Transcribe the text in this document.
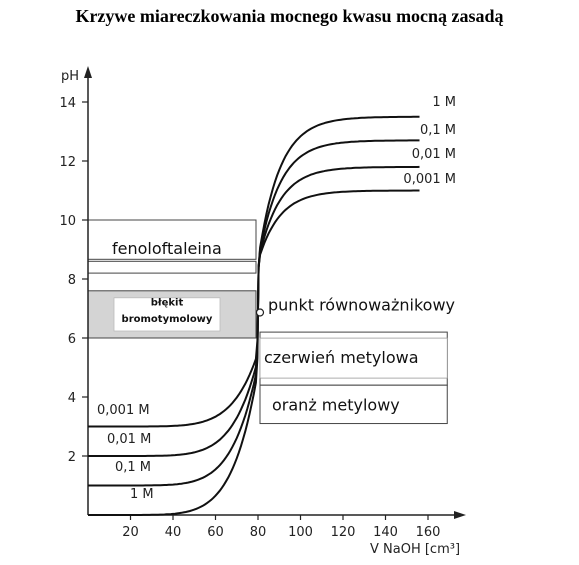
Krzywe miareczkowania mocnego kwasu mocną zasadą
fenoloftaleina
błękit
bromotymolowy
czerwień metylowa
oranż metylowy
pH
V NaOH [cm³]
2
4
6
8
10
12
14
20 40 60 80 100 120 140 160
1 M
0,1 M
0,01 M
0,001 M
1 M
0,1 M
0,01 M
0,001 M
punkt równoważnikowy
